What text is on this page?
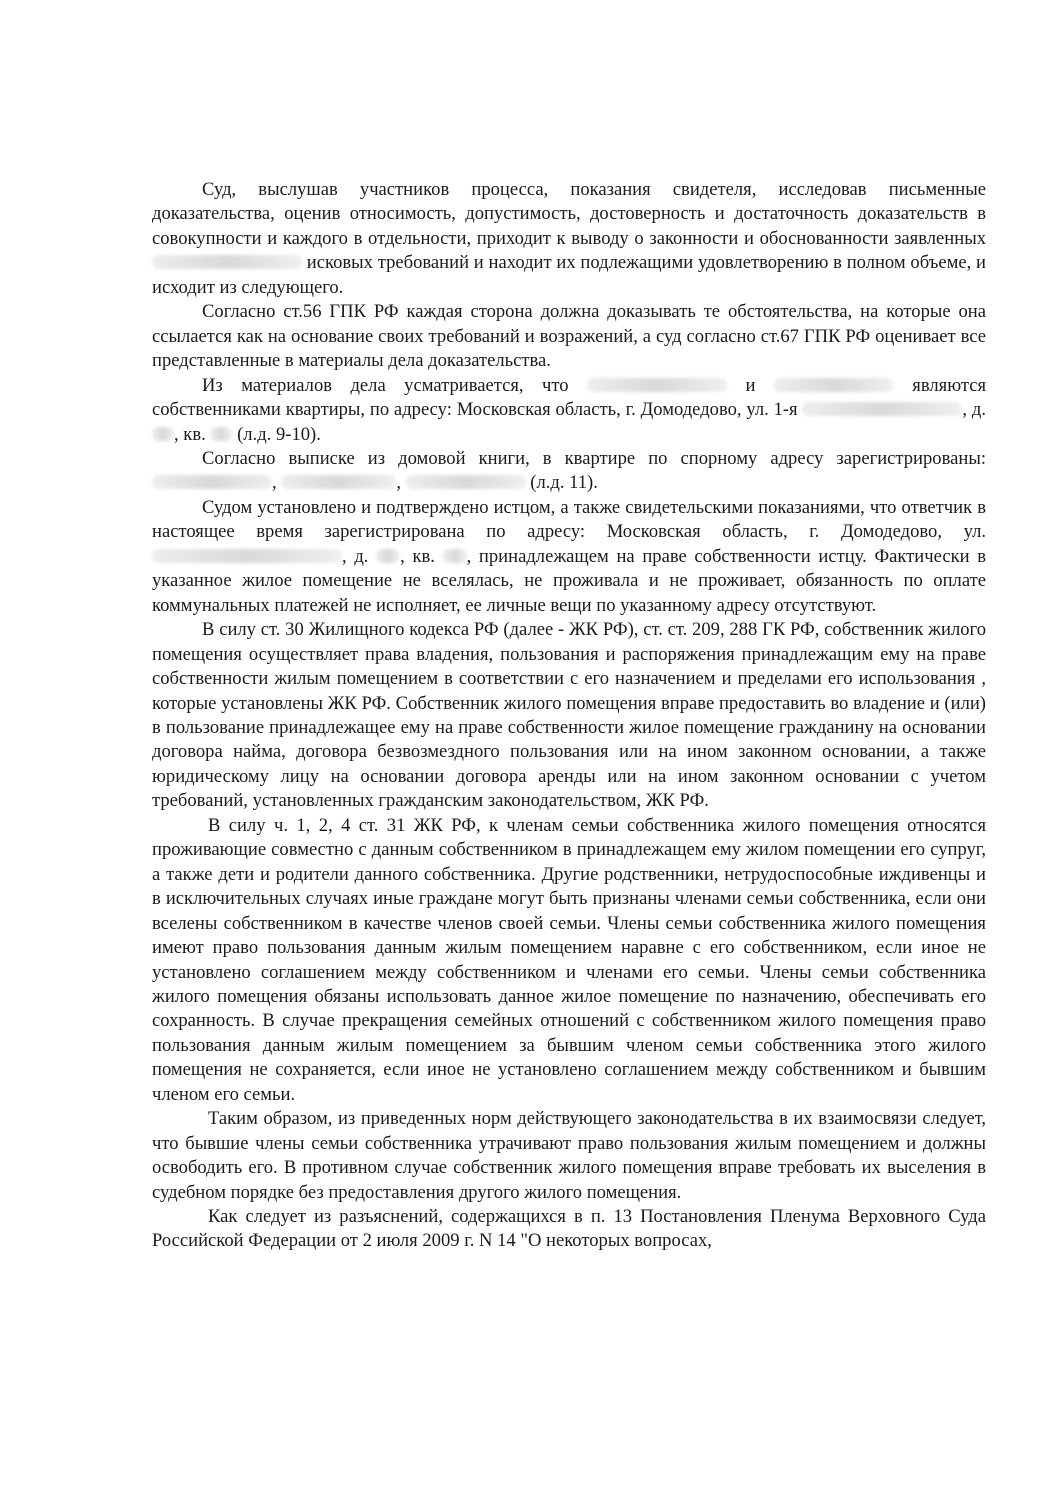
Суд, выслушав участников процесса, показания свидетеля, исследовав письменные доказательства, оценив относимость, допустимость, достоверность и достаточность доказательств в совокупности и каждого в отдельности, приходит к выводу о законности и обоснованности заявленных  исковых требований и находит их подлежащими удовлетворению в полном объеме, и исходит из следующего.

Согласно ст.56 ГПК РФ каждая сторона должна доказывать те обстоятельства, на которые она ссылается как на основание своих требований и возражений, а суд согласно ст.67 ГПК РФ оценивает все представленные в материалы дела доказательства.

Из материалов дела усматривается, что	и	являются собственниками квартиры, по адресу: Московская область, г. Домодедово, ул. 1-я	, д. , кв. (л.д. 9-10).

Согласно выписке из домовой книги, в квартире по спорному адресу зарегистрированы: ,	,	(л.д. 11).

Судом установлено и подтверждено истцом, а также свидетельскими показаниями, что ответчик в настоящее время зарегистрирована по адресу: Московская область, г. Домодедово, ул. , д. , кв. , принадлежащем на праве собственности истцу. Фактически в указанное жилое помещение не вселялась, не проживала и не проживает, обязанность по оплате коммунальных платежей не исполняет, ее личные вещи по указанному адресу отсутствуют.

В силу ст. 30 Жилищного кодекса РФ (далее - ЖК РФ), ст. ст. 209, 288 ГК РФ, собственник жилого помещения осуществляет права владения, пользования и распоряжения принадлежащим ему на праве собственности жилым помещением в соответствии с его назначением и пределами его использования , которые установлены ЖК РФ. Собственник жилого помещения вправе предоставить во владение и (или) в пользование принадлежащее ему на праве собственности жилое помещение гражданину на основании договора найма, договора безвозмездного пользования или на ином законном основании, а также юридическому лицу на основании договора аренды или на ином законном основании с учетом требований, установленных гражданским законодательством, ЖК РФ.

В силу ч. 1, 2, 4 ст. 31 ЖК РФ, к членам семьи собственника жилого помещения относятся проживающие совместно с данным собственником в принадлежащем ему жилом помещении его супруг, а также дети и родители данного собственника. Другие родственники, нетрудоспособные иждивенцы и в исключительных случаях иные граждане могут быть признаны членами семьи собственника, если они вселены собственником в качестве членов своей семьи. Члены семьи собственника жилого помещения имеют право пользования данным жилым помещением наравне с его собственником, если иное не установлено соглашением между собственником и членами его семьи. Члены семьи собственника жилого помещения обязаны использовать данное жилое помещение по назначению, обеспечивать его сохранность. В случае прекращения семейных отношений с собственником жилого помещения право пользования данным жилым помещением за бывшим членом семьи собственника этого жилого помещения не сохраняется, если иное не установлено соглашением между собственником и бывшим членом его семьи.

Таким образом, из приведенных норм действующего законодательства в их взаимосвязи следует, что бывшие члены семьи собственника утрачивают право пользования жилым помещением и должны освободить его. В противном случае собственник жилого помещения вправе требовать их выселения в судебном порядке без предоставления другого жилого помещения.

Как следует из разъяснений, содержащихся в п. 13 Постановления Пленума Верховного Суда Российской Федерации от 2 июля 2009 г. N 14 "О некоторых вопросах,
